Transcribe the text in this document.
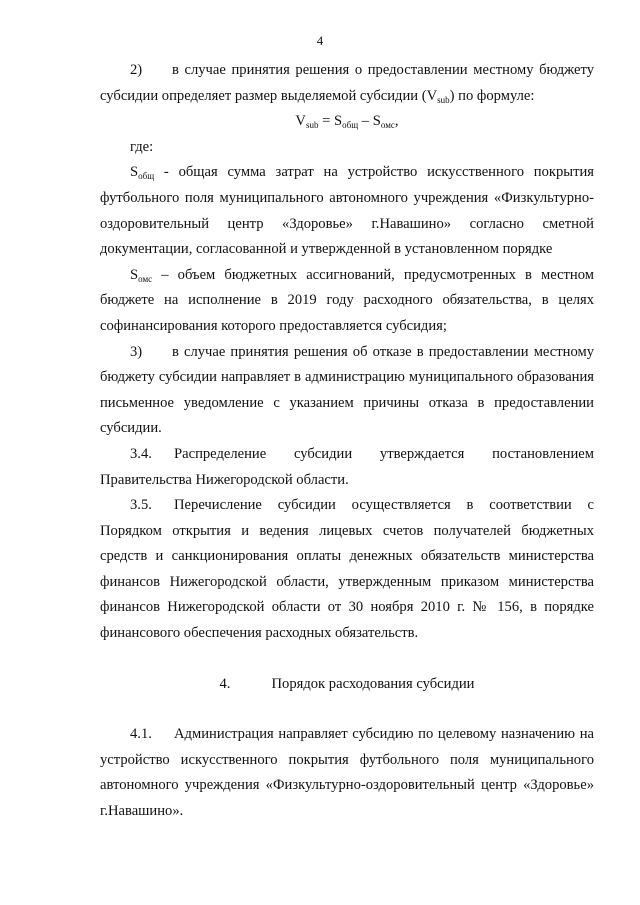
4

2) в случае принятия решения о предоставлении местному бюджету субсидии определяет размер выделяемой субсидии $(V_{sub})$ по формуле:

$V_{sub} = S_{общ} - S_{омс}$,

где:

$S_{общ}$ - общая сумма затрат на устройство искусственного покрытия футбольного поля муниципального автономного учреждения «Физкультурно-оздоровительный центр «Здоровье» г.Навашино» согласно сметной документации, согласованной и утвержденной в установленном порядке

$S_{омс}$ – объем бюджетных ассигнований, предусмотренных в местном бюджете на исполнение в 2019 году расходного обязательства, в целях софинансирования которого предоставляется субсидия;

3) в случае принятия решения об отказе в предоставлении местному бюджету субсидии направляет в администрацию муниципального образования письменное уведомление с указанием причины отказа в предоставлении субсидии.

3.4. Распределение субсидии утверждается постановлением Правительства Нижегородской области.

3.5. Перечисление субсидии осуществляется в соответствии с Порядком открытия и ведения лицевых счетов получателей бюджетных средств и санкционирования оплаты денежных обязательств министерства финансов Нижегородской области, утвержденным приказом министерства финансов Нижегородской области от 30 ноября 2010 г. № 156, в порядке финансового обеспечения расходных обязательств.

4.	Порядок расходования субсидии

4.1. Администрация направляет субсидию по целевому назначению на устройство искусственного покрытия футбольного поля муниципального автономного учреждения «Физкультурно-оздоровительный центр «Здоровье» г.Навашино».
